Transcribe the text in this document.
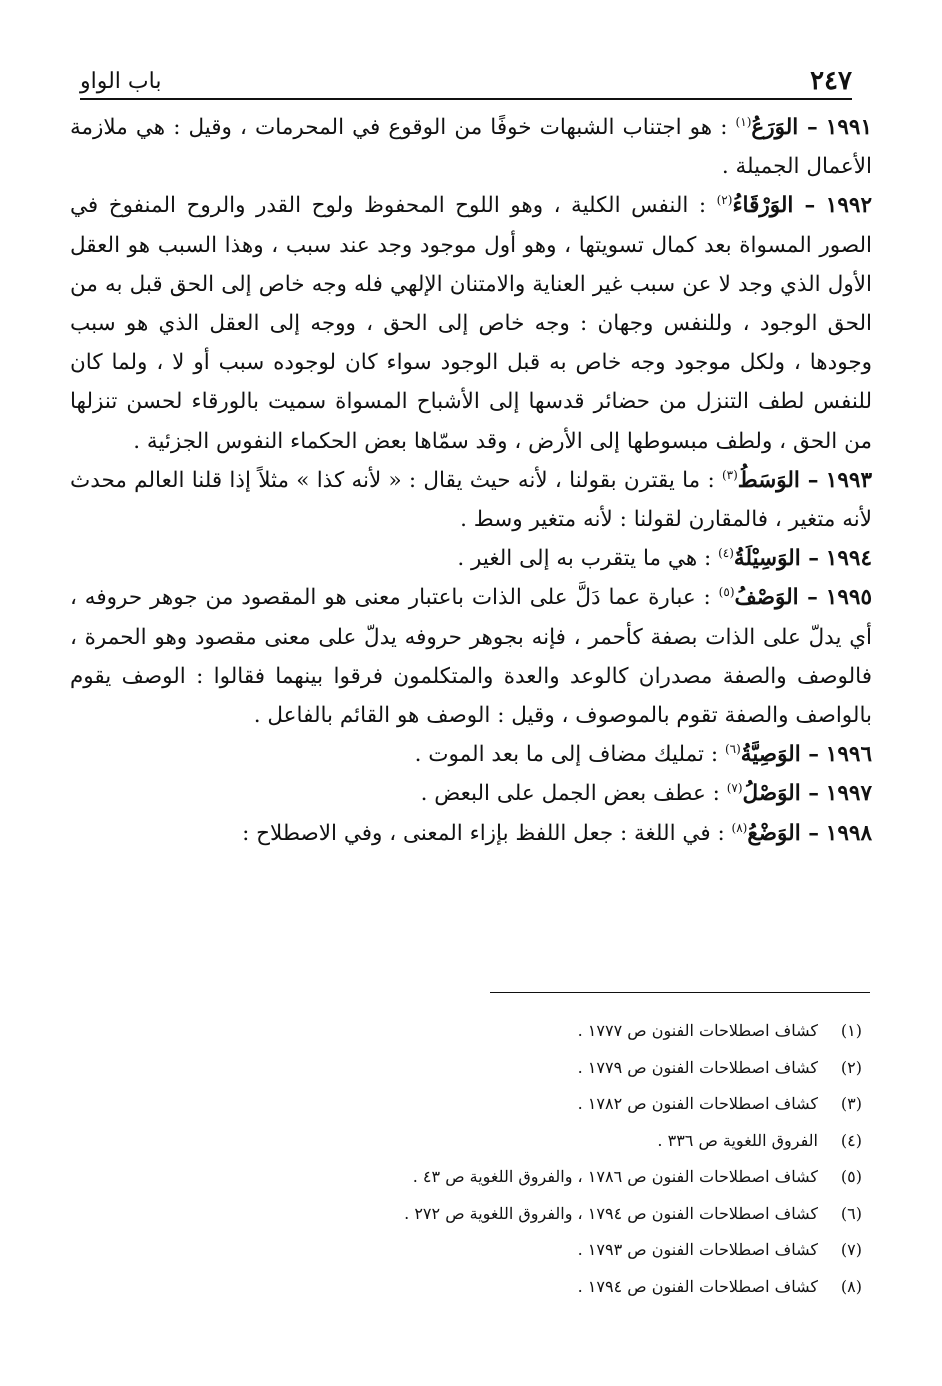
٢٤٧
باب الواو

١٩٩١ – الوَرَعُ$^{(١)}$ : هو اجتناب الشبهات خوفًا من الوقوع في المحرمات ، وقيل : هي ملازمة الأعمال الجميلة .

١٩٩٢ – الوَرْقَاءُ$^{(٢)}$ : النفس الكلية ، وهو اللوح المحفوظ ولوح القدر والروح المنفوخ في الصور المسواة بعد كمال تسويتها ، وهو أول موجود وجد عند سبب ، وهذا السبب هو العقل الأول الذي وجد لا عن سبب غير العناية والامتنان الإلهي فله وجه خاص إلى الحق قبل به من الحق الوجود ، وللنفس وجهان : وجه خاص إلى الحق ، ووجه إلى العقل الذي هو سبب وجودها ، ولكل موجود وجه خاص به قبل الوجود سواء كان لوجوده سبب أو لا ، ولما كان للنفس لطف التنزل من حضائر قدسها إلى الأشباح المسواة سميت بالورقاء لحسن تنزلها من الحق ، ولطف مبسوطها إلى الأرض ، وقد سمّاها بعض الحكماء النفوس الجزئية .

١٩٩٣ – الوَسَطُ$^{(٣)}$ : ما يقترن بقولنا ، لأنه حيث يقال : « لأنه كذا » مثلاً إذا قلنا العالم محدث لأنه متغير ، فالمقارن لقولنا : لأنه متغير وسط .

١٩٩٤ – الوَسِيْلَةُ$^{(٤)}$ : هي ما يتقرب به إلى الغير .

١٩٩٥ – الوَصْفُ$^{(٥)}$ : عبارة عما دَلَّ على الذات باعتبار معنى هو المقصود من جوهر حروفه ، أي يدلّ على الذات بصفة كأحمر ، فإنه بجوهر حروفه يدلّ على معنى مقصود وهو الحمرة ، فالوصف والصفة مصدران كالوعد والعدة والمتكلمون فرقوا بينهما فقالوا : الوصف يقوم بالواصف والصفة تقوم بالموصوف ، وقيل : الوصف هو القائم بالفاعل .

١٩٩٦ – الوَصِيَّةُ$^{(٦)}$ : تمليك مضاف إلى ما بعد الموت .

١٩٩٧ – الوَصْلُ$^{(٧)}$ : عطف بعض الجمل على البعض .

١٩٩٨ – الوَضْعُ$^{(٨)}$ : في اللغة : جعل اللفظ بإزاء المعنى ، وفي الاصطلاح :

(١)
كشاف اصطلاحات الفنون ص ١٧٧٧ .
(٢)
كشاف اصطلاحات الفنون ص ١٧٧٩ .
(٣)
كشاف اصطلاحات الفنون ص ١٧٨٢ .
(٤)
الفروق اللغوية ص ٣٣٦ .
(٥)
كشاف اصطلاحات الفنون ص ١٧٨٦ ، والفروق اللغوية ص ٤٣ .
(٦)
كشاف اصطلاحات الفنون ص ١٧٩٤ ، والفروق اللغوية ص ٢٧٢ .
(٧)
كشاف اصطلاحات الفنون ص ١٧٩٣ .
(٨)
كشاف اصطلاحات الفنون ص ١٧٩٤ .
